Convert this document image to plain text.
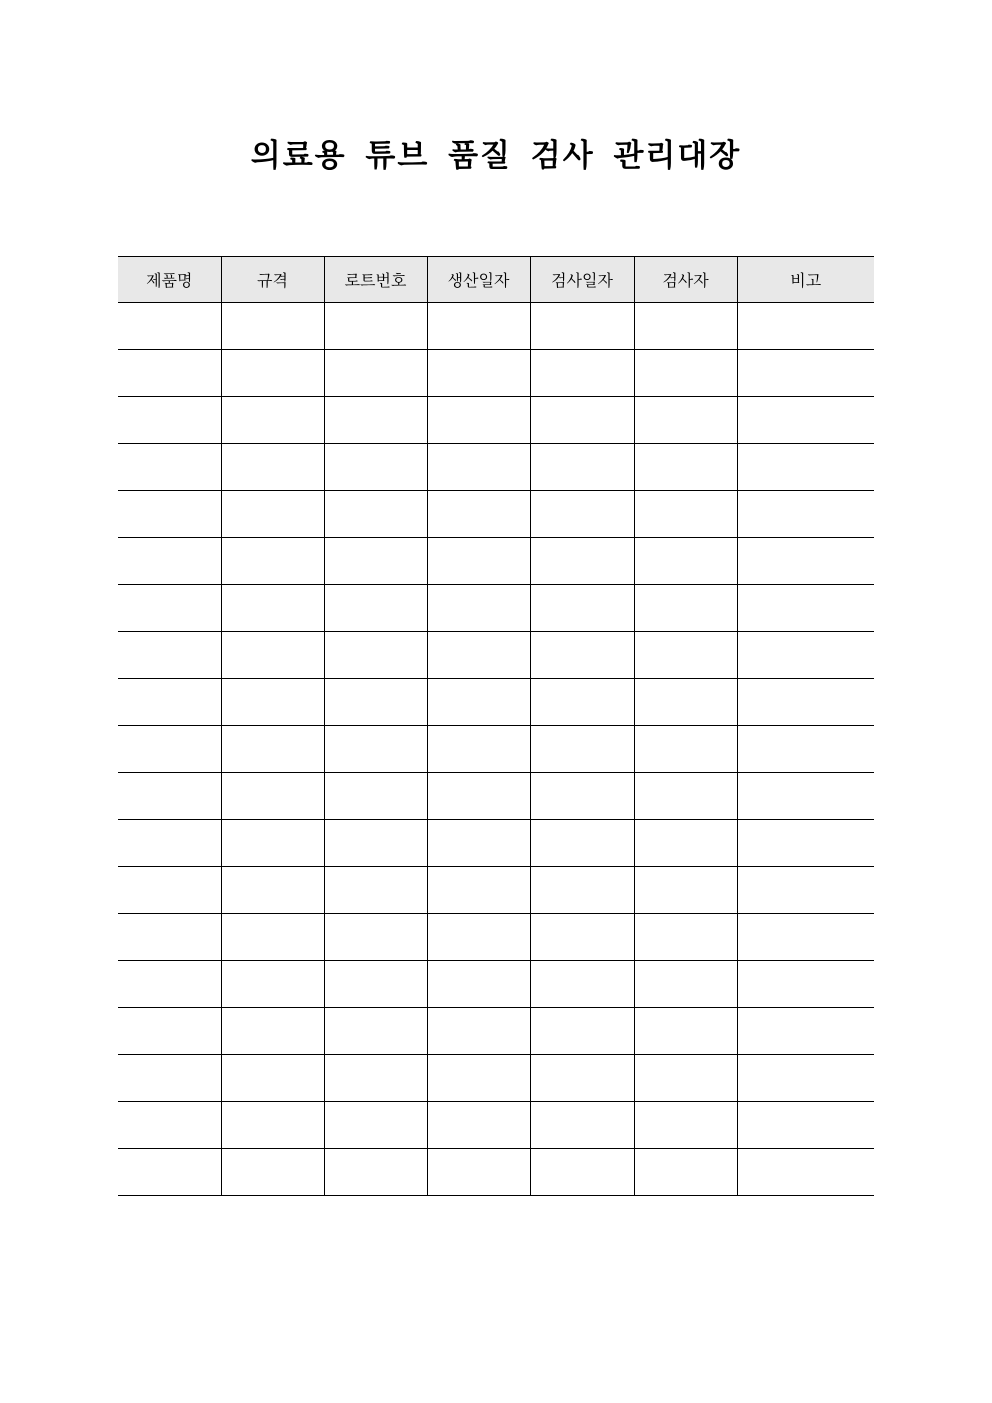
의료용 튜브 품질 검사 관리대장
제품명	규격	로트번호	생산일자	검사일자	검사자	비고
